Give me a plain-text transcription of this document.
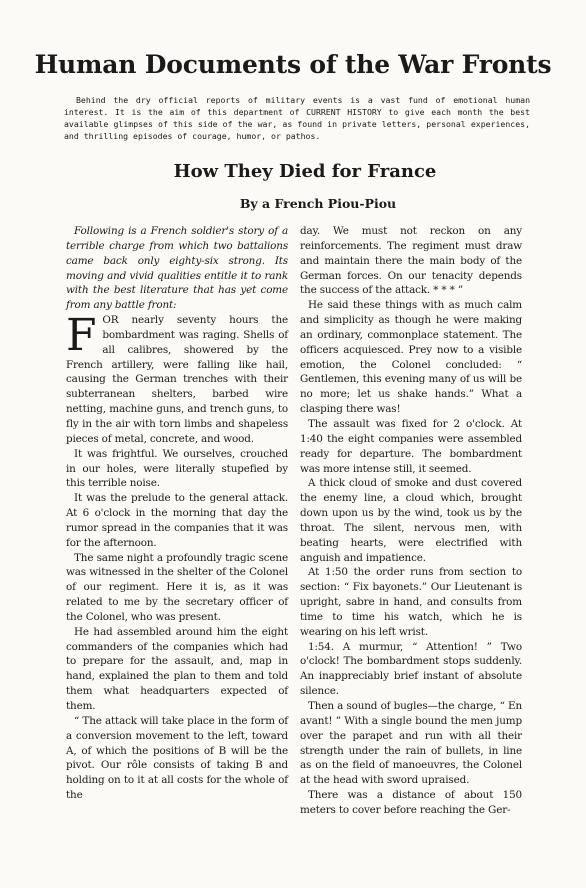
Human Documents of the War Fronts

Behind the dry official reports of military events is a vast fund of emotional human interest. It is the aim of this department of CURRENT HISTORY to give each month the best available glimpses of this side of the war, as found in private letters, personal experiences, and thrilling episodes of courage, humor, or pathos.

How They Died for France
By a French Piou-Piou

Following is a French soldier's story of a terrible charge from which two battalions came back only eighty-six strong. Its moving and vivid qualities entitle it to rank with the best literature that has yet come from any battle front:

FOR nearly seventy hours the bombardment was raging. Shells of all calibres, showered by the French artillery, were falling like hail, causing the German trenches with their subterranean shelters, barbed wire netting, machine guns, and trench guns, to fly in the air with torn limbs and shapeless pieces of metal, concrete, and wood.

It was frightful. We ourselves, crouched in our holes, were literally stupefied by this terrible noise.

It was the prelude to the general attack. At 6 o'clock in the morning that day the rumor spread in the companies that it was for the afternoon.

The same night a profoundly tragic scene was witnessed in the shelter of the Colonel of our regiment. Here it is, as it was related to me by the secretary officer of the Colonel, who was present.

He had assembled around him the eight commanders of the companies which had to prepare for the assault, and, map in hand, explained the plan to them and told them what headquarters expected of them.

“ The attack will take place in the form of a conversion movement to the left, toward A, of which the positions of B will be the pivot. Our rôle consists of taking B and holding on to it at all costs for the whole of the

day. We must not reckon on any reinforcements. The regiment must draw and maintain there the main body of the German forces. On our tenacity depends the success of the attack. * * * ”

He said these things with as much calm and simplicity as though he were making an ordinary, commonplace statement. The officers acquiesced. Prey now to a visible emotion, the Colonel concluded: “ Gentlemen, this evening many of us will be no more; let us shake hands.” What a clasping there was!

The assault was fixed for 2 o'clock. At 1:40 the eight companies were assembled ready for departure. The bombardment was more intense still, it seemed.

A thick cloud of smoke and dust covered the enemy line, a cloud which, brought down upon us by the wind, took us by the throat. The silent, nervous men, with beating hearts, were electrified with anguish and impatience.

At 1:50 the order runs from section to section: “ Fix bayonets.” Our Lieutenant is upright, sabre in hand, and consults from time to time his watch, which he is wearing on his left wrist.

1:54. A murmur, “ Attention! ” Two o'clock! The bombardment stops suddenly. An inappreciably brief instant of absolute silence.

Then a sound of bugles—the charge, “ En avant! ” With a single bound the men jump over the parapet and run with all their strength under the rain of bullets, in line as on the field of manoeuvres, the Colonel at the head with sword upraised.

There was a distance of about 150 meters to cover before reaching the Ger-
